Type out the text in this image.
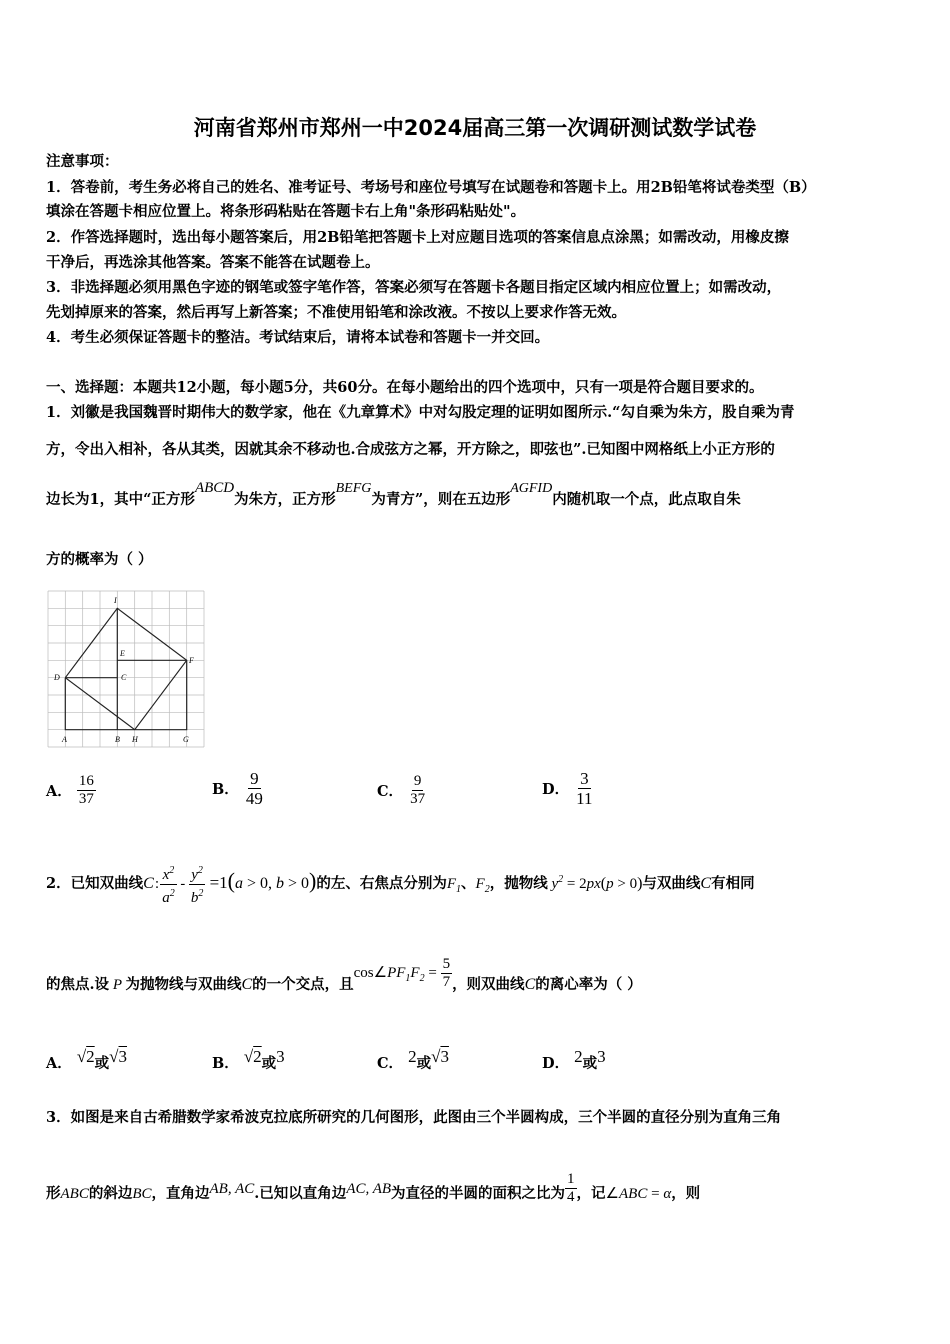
河南省郑州市郑州一中2024届高三第一次调研测试数学试卷
注意事项：
1．答卷前，考生务必将自己的姓名、准考证号、考场号和座位号填写在试题卷和答题卡上。用2B铅笔将试卷类型（B）
填涂在答题卡相应位置上。将条形码粘贴在答题卡右上角"条形码粘贴处"。
2．作答选择题时，选出每小题答案后，用2B铅笔把答题卡上对应题目选项的答案信息点涂黑；如需改动，用橡皮擦
干净后，再选涂其他答案。答案不能答在试题卷上。
3．非选择题必须用黑色字迹的钢笔或签字笔作答，答案必须写在答题卡各题目指定区域内相应位置上；如需改动，
先划掉原来的答案，然后再写上新答案；不准使用铅笔和涂改液。不按以上要求作答无效。
4．考生必须保证答题卡的整洁。考试结束后，请将本试卷和答题卡一并交回。
一、选择题：本题共12小题，每小题5分，共60分。在每小题给出的四个选项中，只有一项是符合题目要求的。
1．刘徽是我国魏晋时期伟大的数学家，他在《九章算术》中对勾股定理的证明如图所示.“勾自乘为朱方，股自乘为青
方，令出入相补，各从其类，因就其余不移动也.合成弦方之幂，开方除之，即弦也”.已知图中网格纸上小正方形的
边长为1，其中“正方形ABCD为朱方，正方形BEFG为青方”，则在五边形AGFID内随机取一个点，此点取自朱
方的概率为（ ）
I
E
F
D	C
A	B H	G
A． $\frac{16}{37}$	B． $\frac{9}{49}$	C． $\frac{9}{37}$	D． $\frac{3}{11}$
2．已知双曲线C :  $\frac{x^2}{a^2} - \frac{y^2}{b^2} =1(a > 0$, b > 0)的左、右焦点分别为$F_1$、$F_2$，抛物线 $y^2 = 2px(p > 0)$与双曲线C有相同
的焦点.设 P 为抛物线与双曲线C的一个交点，且$\cos\angle PF_1F_2 = \frac{5}{7}$ ，则双曲线C的离心率为（ ）
A． √2或√3	B． √2或3	C． 2或√3	D． 2或3
3．如图是来自古希腊数学家希波克拉底所研究的几何图形，此图由三个半圆构成，三个半圆的直径分别为直角三角
形ABC的斜边BC，直角边AB, AC.已知以直角边AC, AB为直径的半圆的面积之比为 $\frac{1}{4}$ ，记∠ABC = α，则
